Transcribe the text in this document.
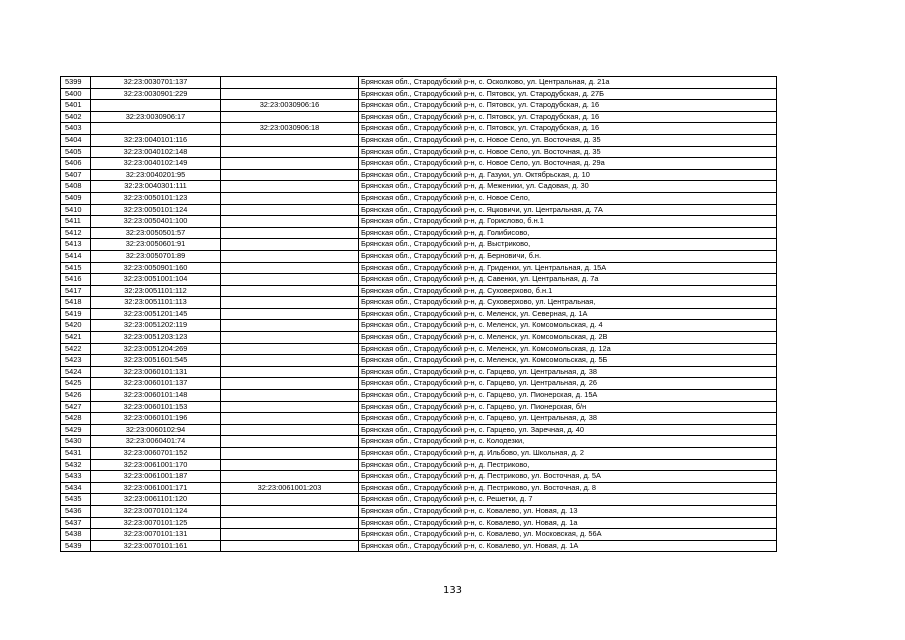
5399	32:23:0030701:137		Брянская обл., Стародубский р-н, с. Осколково, ул. Центральная, д. 21а
5400	32:23:0030901:229		Брянская обл., Стародубский р-н, с. Пятовск, ул. Стародубская, д. 27Б
5401		32:23:0030906:16	Брянская обл., Стародубский р-н, с. Пятовск, ул. Стародубская, д. 16
5402	32:23:0030906:17		Брянская обл., Стародубский р-н, с. Пятовск, ул. Стародубская, д. 16
5403		32:23:0030906:18	Брянская обл., Стародубский р-н, с. Пятовск, ул. Стародубская, д. 16
5404	32:23:0040101:116		Брянская обл., Стародубский р-н, с. Новое Село, ул. Восточная, д. 35
5405	32:23:0040102:148		Брянская обл., Стародубский р-н, с. Новое Село, ул. Восточная, д. 35
5406	32:23:0040102:149		Брянская обл., Стародубский р-н, с. Новое Село, ул. Восточная, д. 29а
5407	32:23:0040201:95		Брянская обл., Стародубский р-н, д. Газуки, ул. Октябрьская, д. 10
5408	32:23:0040301:111		Брянская обл., Стародубский р-н, д. Меженики, ул. Садовая, д. 30
5409	32:23:0050101:123		Брянская обл., Стародубский р-н, с. Новое Село,
5410	32:23:0050101:124		Брянская обл., Стародубский р-н, с. Яцковичи, ул. Центральная, д. 7А
5411	32:23:0050401:100		Брянская обл., Стародубский р-н, д. Горислово, б.н.1
5412	32:23:0050501:57		Брянская обл., Стародубский р-н, д. Голибисово,
5413	32:23:0050601:91		Брянская обл., Стародубский р-н, д. Выстриково,
5414	32:23:0050701:89		Брянская обл., Стародубский р-н, д. Берновичи, б.н.
5415	32:23:0050901:160		Брянская обл., Стародубский р-н, д. Гриденки, ул. Центральная, д. 15А
5416	32:23:0051001:104		Брянская обл., Стародубский р-н, д. Савенки, ул. Центральная, д. 7а
5417	32:23:0051101:112		Брянская обл., Стародубский р-н, д. Суховерхово, б.н.1
5418	32:23:0051101:113		Брянская обл., Стародубский р-н, д. Суховерхово, ул. Центральная,
5419	32:23:0051201:145		Брянская обл., Стародубский р-н, с. Меленск, ул. Северная, д. 1А
5420	32:23:0051202:119		Брянская обл., Стародубский р-н, с. Меленск, ул. Комсомольская, д. 4
5421	32:23:0051203:123		Брянская обл., Стародубский р-н, с. Меленск, ул. Комсомольская, д. 2В
5422	32:23:0051204:269		Брянская обл., Стародубский р-н, с. Меленск, ул. Комсомольская, д. 12а
5423	32:23:0051601:545		Брянская обл., Стародубский р-н, с. Меленск, ул. Комсомольская, д. 5Б
5424	32:23:0060101:131		Брянская обл., Стародубский р-н, с. Гарцево, ул. Центральная, д. 38
5425	32:23:0060101:137		Брянская обл., Стародубский р-н, с. Гарцево, ул. Центральная, д. 26
5426	32:23:0060101:148		Брянская обл., Стародубский р-н, с. Гарцево, ул. Пионерская, д. 15А
5427	32:23:0060101:153		Брянская обл., Стародубский р-н, с. Гарцево, ул. Пионерская, б/н
5428	32:23:0060101:196		Брянская обл., Стародубский р-н, с. Гарцево, ул. Центральная, д. 38
5429	32:23:0060102:94		Брянская обл., Стародубский р-н, с. Гарцево, ул. Заречная, д. 40
5430	32:23:0060401:74		Брянская обл., Стародубский р-н, с. Колодезки,
5431	32:23:0060701:152		Брянская обл., Стародубский р-н, д. Ильбово, ул. Школьная, д. 2
5432	32:23:0061001:170		Брянская обл., Стародубский р-н, д. Пестриково,
5433	32:23:0061001:187		Брянская обл., Стародубский р-н, д. Пестриково, ул. Восточная, д. 5А
5434	32:23:0061001:171	32:23:0061001:203	Брянская обл., Стародубский р-н, д. Пестриково, ул. Восточная, д. 8
5435	32:23:0061101:120		Брянская обл., Стародубский р-н, с. Решетки, д. 7
5436	32:23:0070101:124		Брянская обл., Стародубский р-н, с. Ковалево, ул. Новая, д. 13
5437	32:23:0070101:125		Брянская обл., Стародубский р-н, с. Ковалево, ул. Новая, д. 1а
5438	32:23:0070101:131		Брянская обл., Стародубский р-н, с. Ковалево, ул. Московская, д. 56А
5439	32:23:0070101:161		Брянская обл., Стародубский р-н, с. Ковалево, ул. Новая, д. 1А
133
